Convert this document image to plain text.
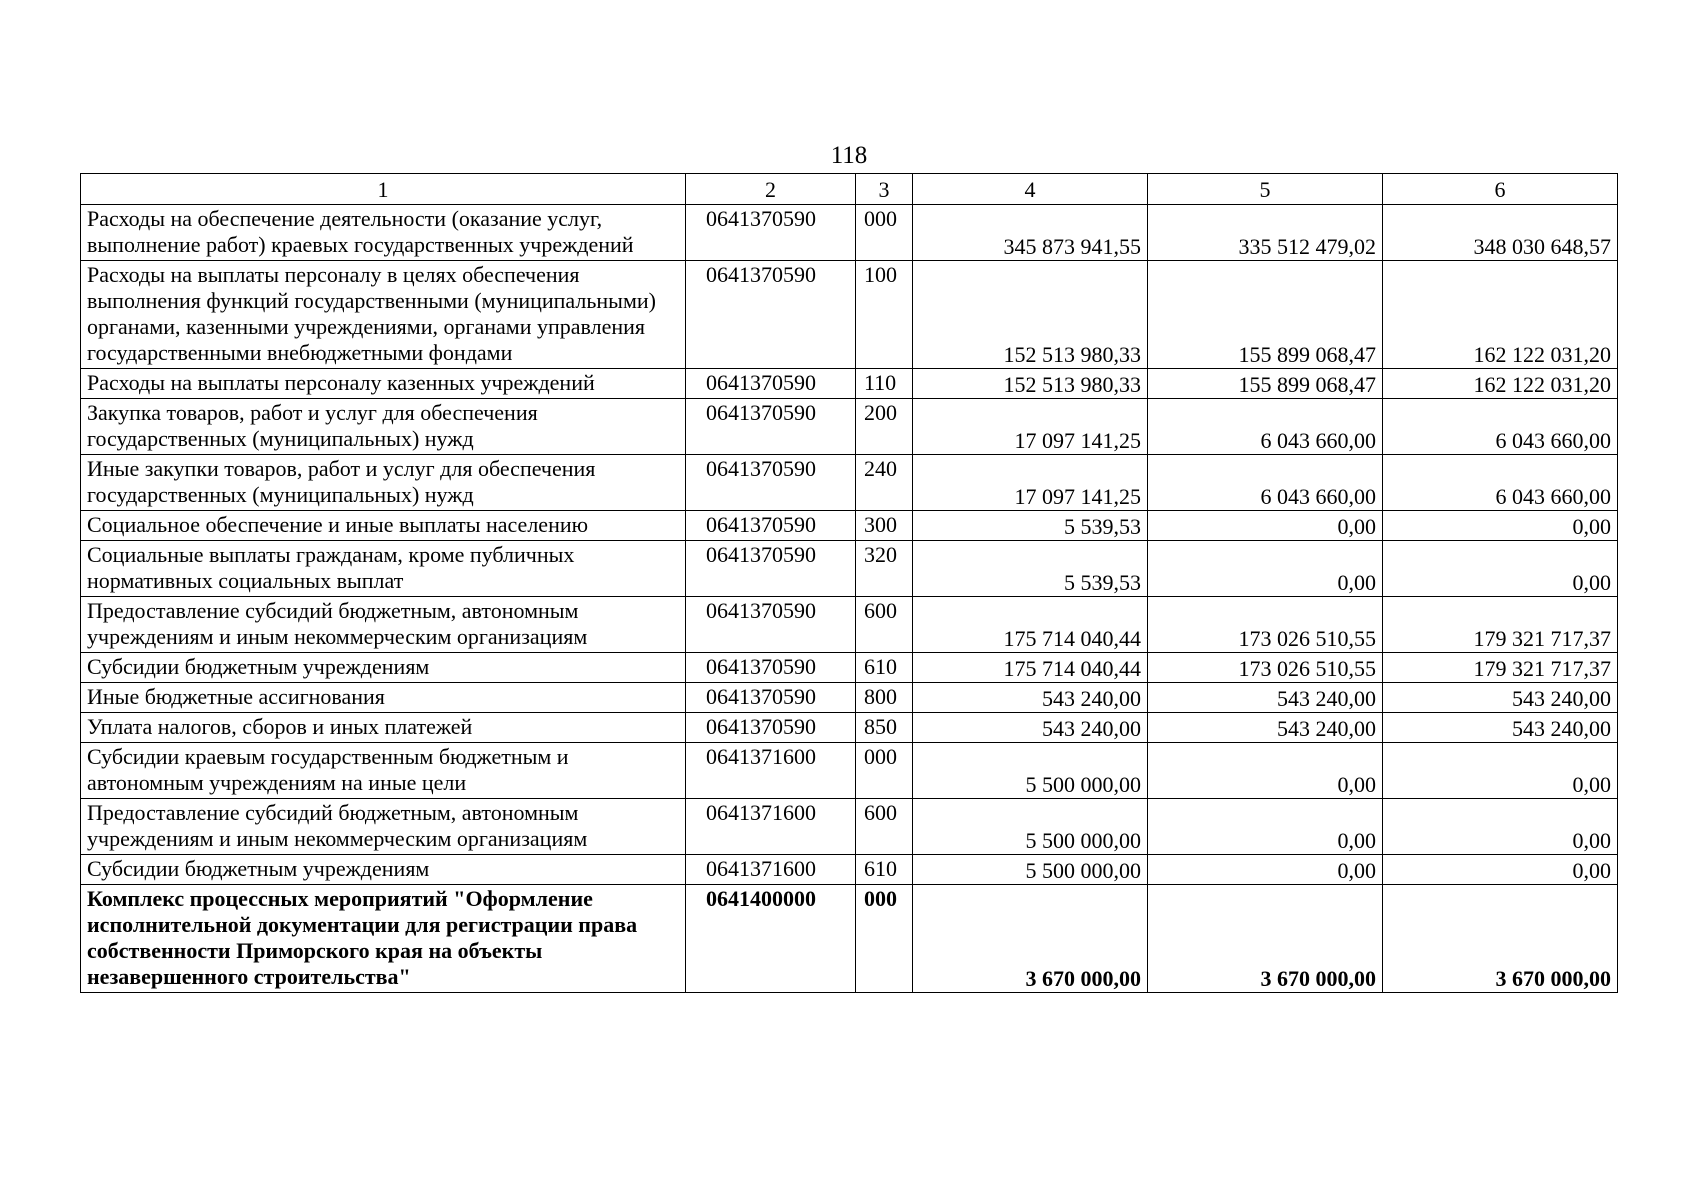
118
1	2	3	4	5	6
Расходы на обеспечение деятельности (оказание услуг, выполнение работ) краевых государственных учреждений	0641370590	000	345 873 941,55	335 512 479,02	348 030 648,57
Расходы на выплаты персоналу в целях обеспечения выполнения функций государственными (муниципальными) органами, казенными учреждениями, органами управления государственными внебюджетными фондами	0641370590	100	152 513 980,33	155 899 068,47	162 122 031,20
Расходы на выплаты персоналу казенных учреждений	0641370590	110	152 513 980,33	155 899 068,47	162 122 031,20
Закупка товаров, работ и услуг для обеспечения государственных (муниципальных) нужд	0641370590	200	17 097 141,25	6 043 660,00	6 043 660,00
Иные закупки товаров, работ и услуг для обеспечения государственных (муниципальных) нужд	0641370590	240	17 097 141,25	6 043 660,00	6 043 660,00
Социальное обеспечение и иные выплаты населению	0641370590	300	5 539,53	0,00	0,00
Социальные выплаты гражданам, кроме публичных нормативных социальных выплат	0641370590	320	5 539,53	0,00	0,00
Предоставление субсидий бюджетным, автономным учреждениям и иным некоммерческим организациям	0641370590	600	175 714 040,44	173 026 510,55	179 321 717,37
Субсидии бюджетным учреждениям	0641370590	610	175 714 040,44	173 026 510,55	179 321 717,37
Иные бюджетные ассигнования	0641370590	800	543 240,00	543 240,00	543 240,00
Уплата налогов, сборов и иных платежей	0641370590	850	543 240,00	543 240,00	543 240,00
Субсидии краевым государственным бюджетным и автономным учреждениям на иные цели	0641371600	000	5 500 000,00	0,00	0,00
Предоставление субсидий бюджетным, автономным учреждениям и иным некоммерческим организациям	0641371600	600	5 500 000,00	0,00	0,00
Субсидии бюджетным учреждениям	0641371600	610	5 500 000,00	0,00	0,00
Комплекс процессных мероприятий "Оформление исполнительной документации для регистрации права собственности Приморского края на объекты незавершенного строительства"	0641400000	000	3 670 000,00	3 670 000,00	3 670 000,00
